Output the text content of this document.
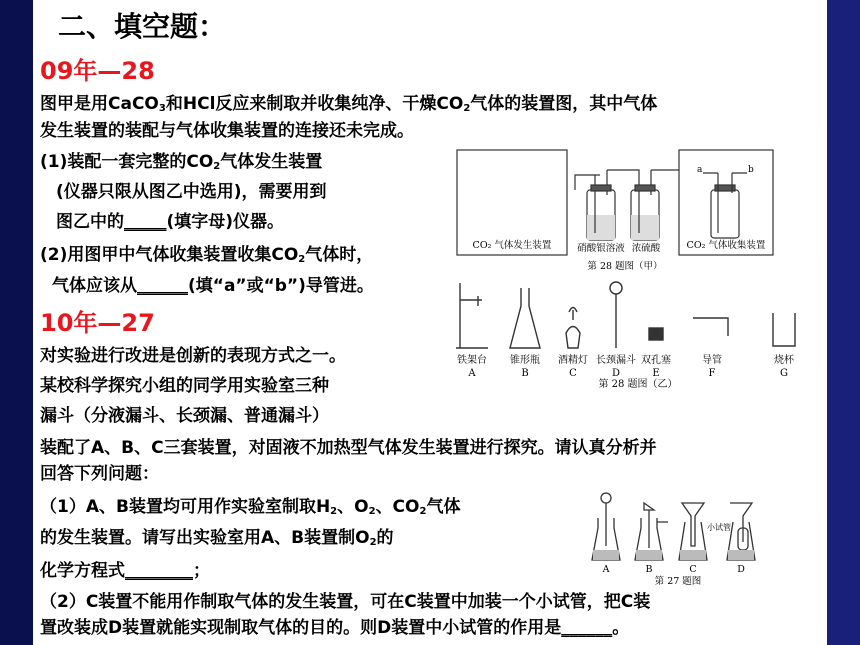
二、填空题：
09年—28
图甲是用CaCO$_3$和HCl反应来制取并收集纯净、干燥$CO_2$气体的装置图，其中气体
发生装置的装配与气体收集装置的连接还未完成。
(1)装配一套完整的$CO_2$气体发生装置
(仪器只限从图乙中选用)，需要用到
图乙中的_____(填字母)仪器。
(2)用图甲中气体收集装置收集$CO_2$气体时，
气体应该从______(填“a”或“b”)导管进。
10年—27
对实验进行改进是创新的表现方式之一。
某校科学探究小组的同学用实验室三种
漏斗（分液漏斗、长颈漏、普通漏斗）
装配了A、B、C三套装置，对固液不加热型气体发生装置进行探究。请认真分析并
回答下列问题：
（1）A、B装置均可用作实验室制取$H_2$、$O_2$、$CO_2$气体
的发生装置。请写出实验室用A、B装置制$O_2$的
化学方程式________；
（2）C装置不能用作制取气体的发生装置，可在C装置中加装一个小试管，把C装
置改装成D装置就能实现制取气体的目的。则D装置中小试管的作用是______。
CO₂ 气体发生装置	硝酸银溶液 浓硫酸
a	b
CO₂ 气体收集装置
第 28 题图（甲）
铁架台
A
锥形瓶
B
酒精灯
C
长颈漏斗
D
双孔塞
E
导管
F
烧杯
G
第 28 题图（乙）
A	B	C	D
小试管
第 27 题图
